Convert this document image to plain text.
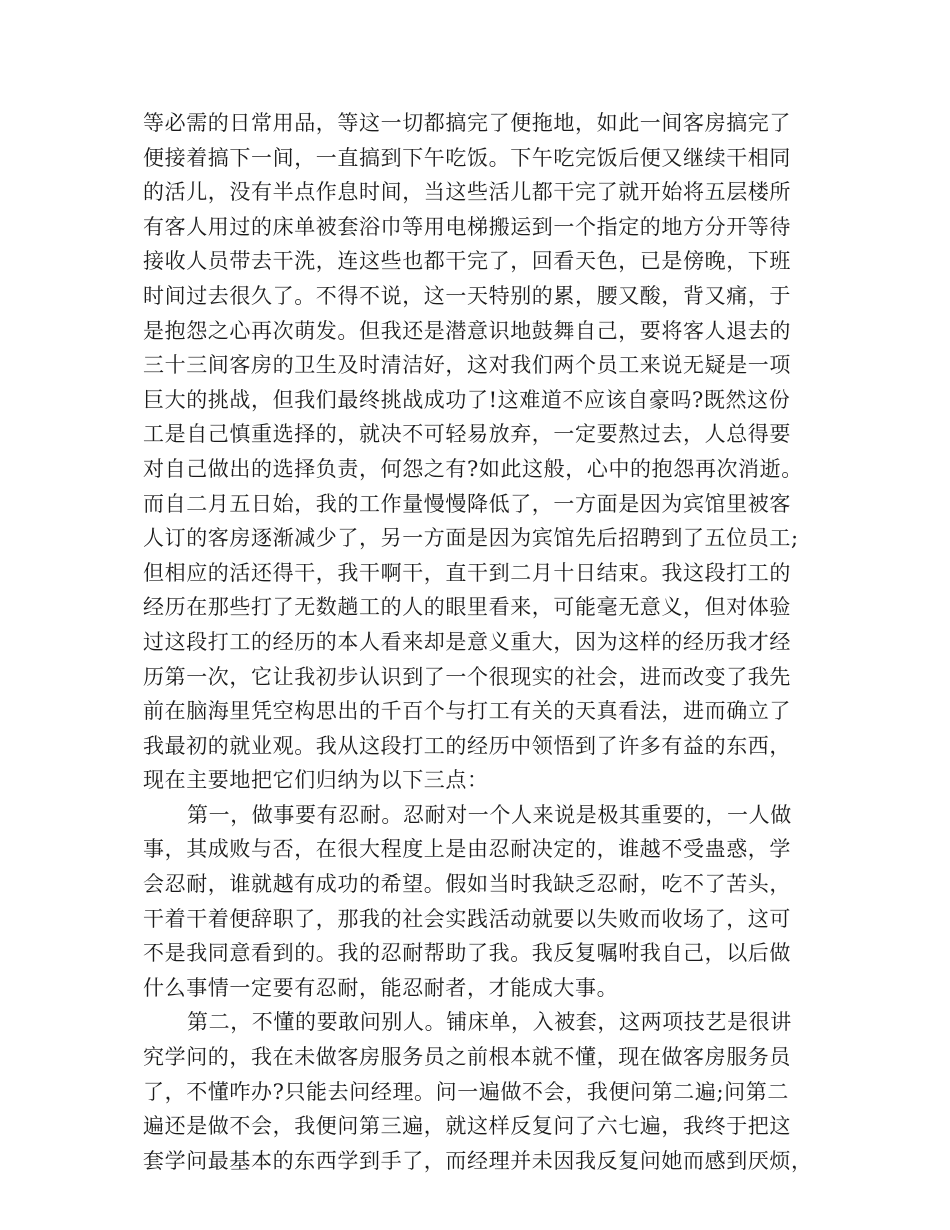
等必需的日常用品，等这一切都搞完了便拖地，如此一间客房搞完了
便接着搞下一间，一直搞到下午吃饭。下午吃完饭后便又继续干相同
的活儿，没有半点作息时间，当这些活儿都干完了就开始将五层楼所
有客人用过的床单被套浴巾等用电梯搬运到一个指定的地方分开等待
接收人员带去干洗，连这些也都干完了，回看天色，已是傍晚，下班
时间过去很久了。不得不说，这一天特别的累，腰又酸，背又痛，于
是抱怨之心再次萌发。但我还是潜意识地鼓舞自己，要将客人退去的
三十三间客房的卫生及时清洁好，这对我们两个员工来说无疑是一项
巨大的挑战，但我们最终挑战成功了!这难道不应该自豪吗?既然这份
工是自己慎重选择的，就决不可轻易放弃，一定要熬过去，人总得要
对自己做出的选择负责，何怨之有?如此这般，心中的抱怨再次消逝。
而自二月五日始，我的工作量慢慢降低了，一方面是因为宾馆里被客
人订的客房逐渐减少了，另一方面是因为宾馆先后招聘到了五位员工;
但相应的活还得干，我干啊干，直干到二月十日结束。我这段打工的
经历在那些打了无数趟工的人的眼里看来，可能毫无意义，但对体验
过这段打工的经历的本人看来却是意义重大，因为这样的经历我才经
历第一次，它让我初步认识到了一个很现实的社会，进而改变了我先
前在脑海里凭空构思出的千百个与打工有关的天真看法，进而确立了
我最初的就业观。我从这段打工的经历中领悟到了许多有益的东西，
现在主要地把它们归纳为以下三点：
第一，做事要有忍耐。忍耐对一个人来说是极其重要的，一人做
事，其成败与否，在很大程度上是由忍耐决定的，谁越不受蛊惑，学
会忍耐，谁就越有成功的希望。假如当时我缺乏忍耐，吃不了苦头，
干着干着便辞职了，那我的社会实践活动就要以失败而收场了，这可
不是我同意看到的。我的忍耐帮助了我。我反复嘱咐我自己，以后做
什么事情一定要有忍耐，能忍耐者，才能成大事。
第二，不懂的要敢问别人。铺床单，入被套，这两项技艺是很讲
究学问的，我在未做客房服务员之前根本就不懂，现在做客房服务员
了，不懂咋办?只能去问经理。问一遍做不会，我便问第二遍;问第二
遍还是做不会，我便问第三遍，就这样反复问了六七遍，我终于把这
套学问最基本的东西学到手了，而经理并未因我反复问她而感到厌烦，
